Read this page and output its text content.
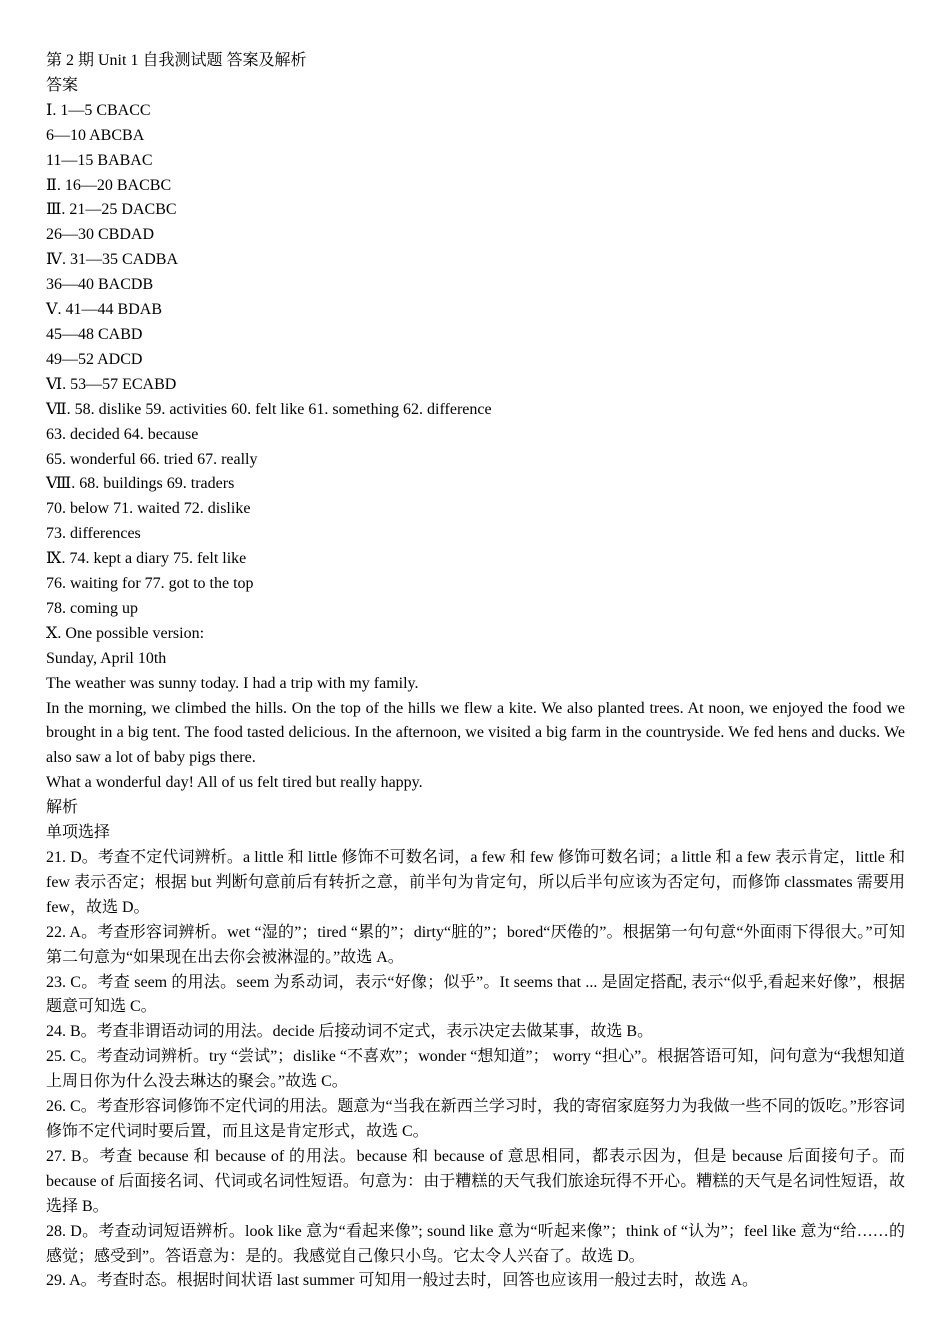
第 2 期 Unit 1 自我测试题 答案及解析

答案

Ⅰ. 1—5 CBACC

6—10 ABCBA

11—15 BABAC

Ⅱ. 16—20 BACBC

Ⅲ. 21—25 DACBC

26—30 CBDAD

Ⅳ. 31—35 CADBA

36—40 BACDB

Ⅴ. 41—44 BDAB

45—48 CABD

49—52 ADCD

Ⅵ. 53—57 ECABD

Ⅶ. 58. dislike 59. activities 60. felt like 61. something 62. difference

63. decided 64. because

65. wonderful 66. tried 67. really

Ⅷ. 68. buildings 69. traders

70. below 71. waited 72. dislike

73. differences

Ⅸ. 74. kept a diary 75. felt like

76. waiting for 77. got to the top

78. coming up

Ⅹ. One possible version:

Sunday, April 10th

The weather was sunny today. I had a trip with my family.

In the morning, we climbed the hills. On the top of the hills we flew a kite. We also planted trees. At noon, we enjoyed the food we brought in a big tent. The food tasted delicious. In the afternoon, we visited a big farm in the countryside. We fed hens and ducks. We also saw a lot of baby pigs there.

What a wonderful day! All of us felt tired but really happy.

解析

单项选择

21. D。考查不定代词辨析。a little 和 little 修饰不可数名词，a few 和 few 修饰可数名词；a little 和 a few 表示肯定，little 和 few 表示否定；根据 but 判断句意前后有转折之意，前半句为肯定句，所以后半句应该为否定句，而修饰 classmates 需要用 few，故选 D。

22. A。考查形容词辨析。wet “湿的”；tired “累的”；dirty“脏的”；bored“厌倦的”。根据第一句句意“外面雨下得很大。”可知第二句意为“如果现在出去你会被淋湿的。”故选 A。

23. C。考查 seem 的用法。seem 为系动词，表示“好像；似乎”。It seems that ... 是固定搭配, 表示“似乎,看起来好像”，根据题意可知选 C。

24. B。考查非谓语动词的用法。decide 后接动词不定式，表示决定去做某事，故选 B。

25. C。考查动词辨析。try “尝试”；dislike “不喜欢”；wonder “想知道”； worry “担心”。根据答语可知，问句意为“我想知道上周日你为什么没去琳达的聚会。”故选 C。

26. C。考查形容词修饰不定代词的用法。题意为“当我在新西兰学习时，我的寄宿家庭努力为我做一些不同的饭吃。”形容词修饰不定代词时要后置，而且这是肯定形式，故选 C。

27. B。考查 because 和 because of 的用法。because 和 because of 意思相同，都表示因为，但是 because 后面接句子。而 because of 后面接名词、代词或名词性短语。句意为：由于糟糕的天气我们旅途玩得不开心。糟糕的天气是名词性短语，故选择 B。

28. D。考查动词短语辨析。look like 意为“看起来像”; sound like 意为“听起来像”；think of “认为”；feel like 意为“给……的感觉；感受到”。答语意为：是的。我感觉自己像只小鸟。它太令人兴奋了。故选 D。

29. A。考查时态。根据时间状语 last summer 可知用一般过去时，回答也应该用一般过去时，故选 A。
